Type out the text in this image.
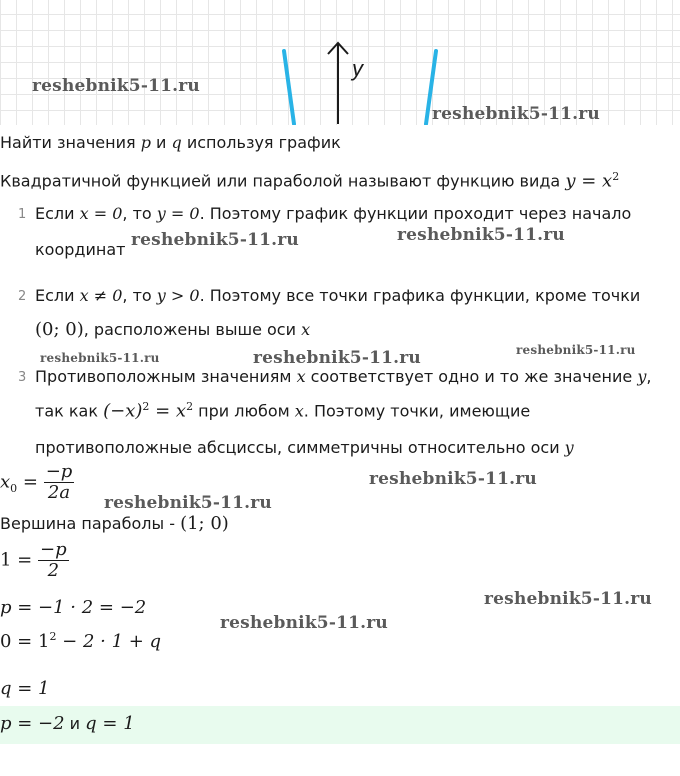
y
reshebnik5-11.ru
reshebnik5-11.ru
reshebnik5-11.ru	reshebnik5-11.ru
reshebnik5-11.ru	reshebnik5-11.ru	reshebnik5-11.ru
reshebnik5-11.ru
reshebnik5-11.ru
reshebnik5-11.ru
reshebnik5-11.ru
Найти значения p и q используя график
Квадратичной функцией или параболой называют функцию вида $y = x^2$
1 Если x = 0, то y = 0. Поэтому график функции проходит через начало
координат
2 Если x ≠ 0, то y > 0. Поэтому все точки графика функции, кроме точки
(0; 0), расположены выше оси x
3 Противоположным значениям x соответствует одно и то же значение y,
так как $(-x)^2 = x^2$ при любом x. Поэтому точки, имеющие
противоположные абсциссы, симметричны относительно оси y
$x_0 = \frac{-p}{2a}$
Вершина параболы - (1; 0)
$1 = \frac{-p}{2}$
p = −1 · 2 = −2
$0 = 1^2 - 2 \cdot 1 + q$
q = 1
p = −2 и q = 1
